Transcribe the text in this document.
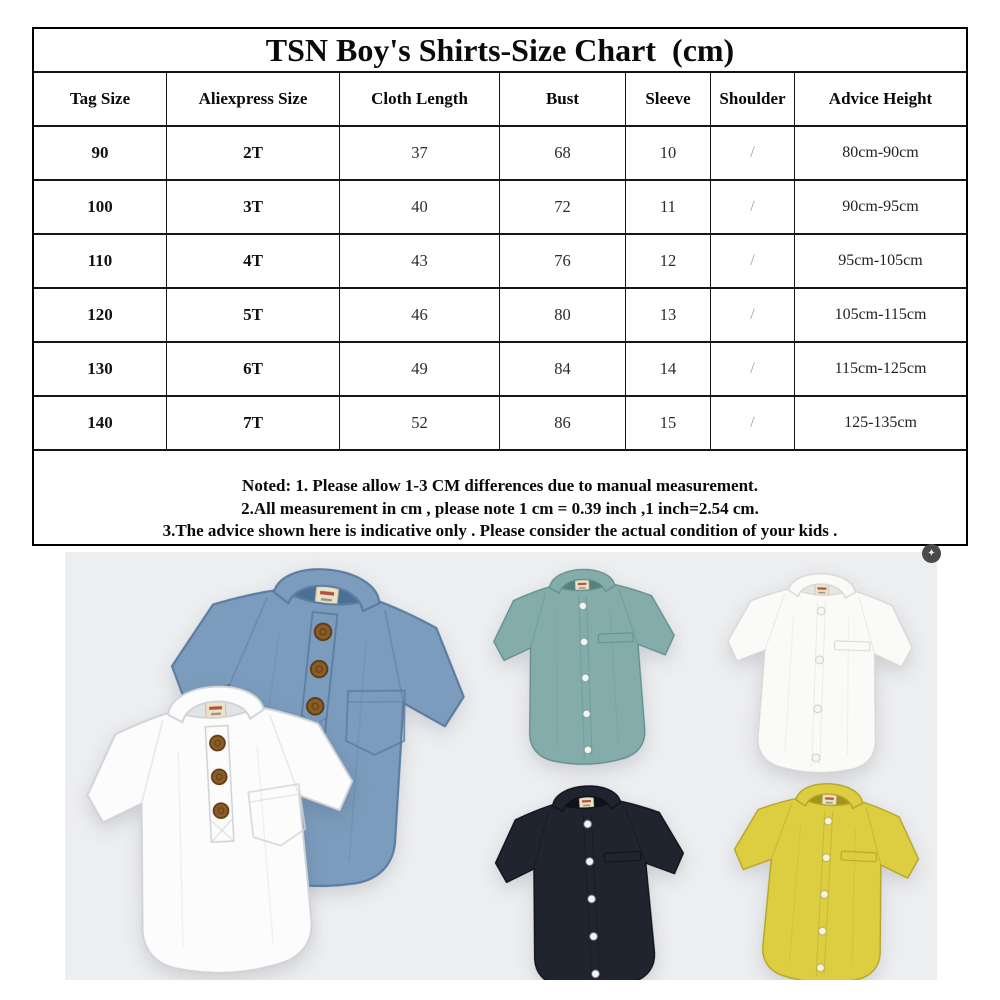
TSN Boy's Shirts-Size Chart  (cm)
Tag Size	Aliexpress Size	Cloth Length	Bust	Sleeve	Shoulder	Advice Height
90	2T	37	68	10	/	80cm-90cm
100	3T	40	72	11	/	90cm-95cm
110	4T	43	76	12	/	95cm-105cm
120	5T	46	80	13	/	105cm-115cm
130	6T	49	84	14	/	115cm-125cm
140	7T	52	86	15	/	125-135cm
Noted: 1. Please allow 1-3 CM differences due to manual measurement.
2.All measurement in cm , please note 1 cm = 0.39 inch ,1 inch=2.54 cm.
3.The advice shown here is indicative only . Please consider the actual condition of your kids .
✦
